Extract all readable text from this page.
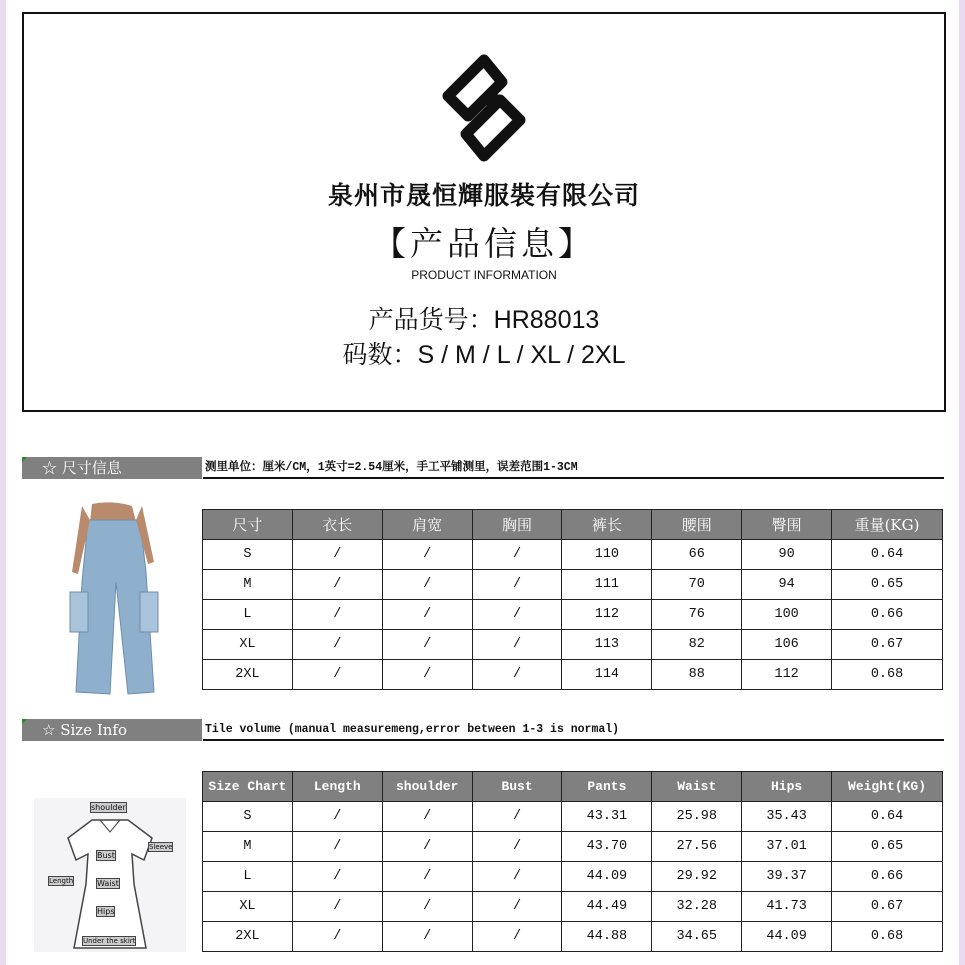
泉州市晟恒輝服裝有限公司
【产品信息】
PRODUCT INFORMATION
产品货号：HR88013
码数：S / M / L / XL / 2XL
☆ 尺寸信息	测里单位：厘米/CM，1英寸=2.54厘米，手工平铺测里，误差范围1-3CM
尺寸	衣长	肩宽	胸围	裤长	腰围	臀围	重量(KG)
S	/	/	/	110	66	90	0.64
M	/	/	/	111	70	94	0.65
L	/	/	/	112	76	100	0.66
XL	/	/	/	113	82	106	0.67
2XL	/	/	/	114	88	112	0.68
☆ Size Info	Tile volume (manual measuremeng,error between 1-3 is normal)
shoulder
Sleeve
Bust
Length	Waist
Hips
Under the skirt
Size Chart	Length	shoulder	Bust	Pants	Waist	Hips	Weight(KG)
S	/	/	/	43.31	25.98	35.43	0.64
M	/	/	/	43.70	27.56	37.01	0.65
L	/	/	/	44.09	29.92	39.37	0.66
XL	/	/	/	44.49	32.28	41.73	0.67
2XL	/	/	/	44.88	34.65	44.09	0.68
